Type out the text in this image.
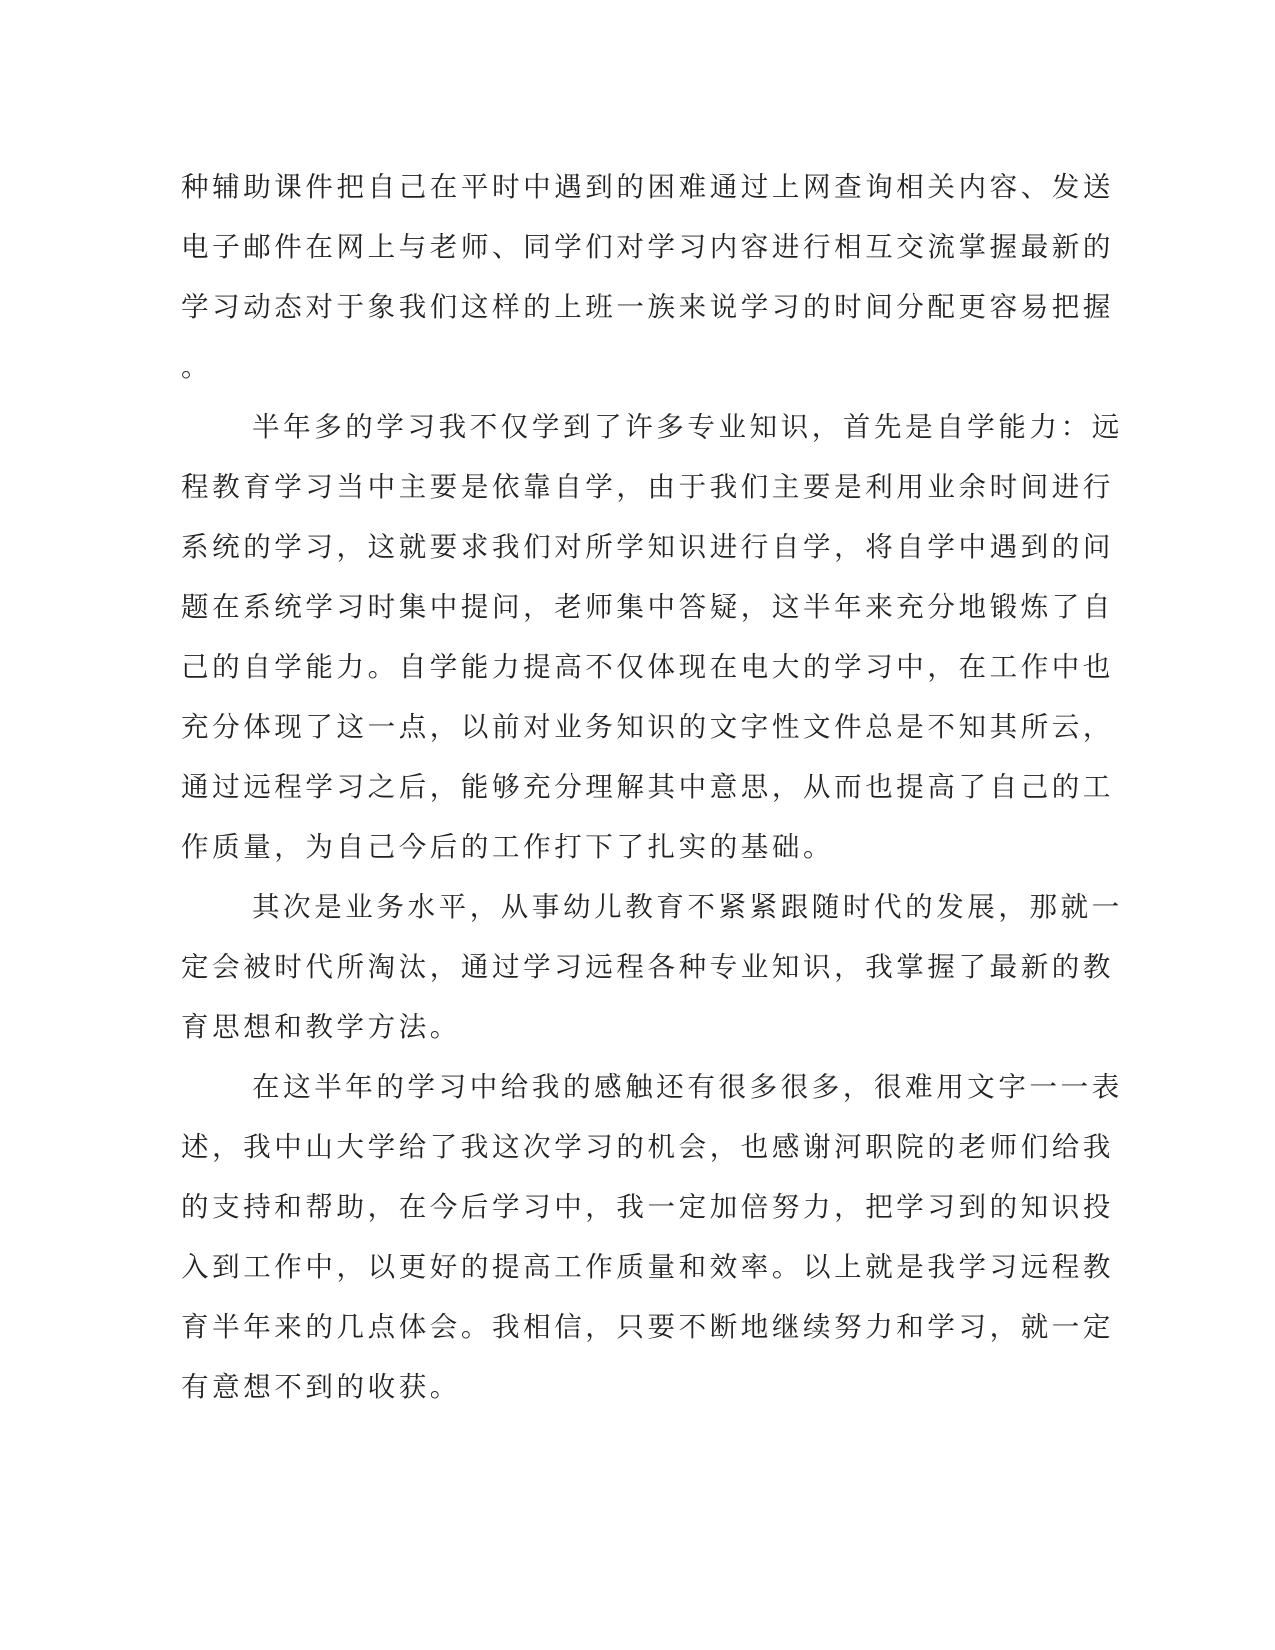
种辅助课件把自己在平时中遇到的困难通过上网查询相关内容、发送
电子邮件在网上与老师、同学们对学习内容进行相互交流掌握最新的
学习动态对于象我们这样的上班一族来说学习的时间分配更容易把握
。
半年多的学习我不仅学到了许多专业知识，首先是自学能力：远
程教育学习当中主要是依靠自学，由于我们主要是利用业余时间进行
系统的学习，这就要求我们对所学知识进行自学，将自学中遇到的问
题在系统学习时集中提问，老师集中答疑，这半年来充分地锻炼了自
己的自学能力。自学能力提高不仅体现在电大的学习中，在工作中也
充分体现了这一点，以前对业务知识的文字性文件总是不知其所云，
通过远程学习之后，能够充分理解其中意思，从而也提高了自己的工
作质量，为自己今后的工作打下了扎实的基础。
其次是业务水平，从事幼儿教育不紧紧跟随时代的发展，那就一
定会被时代所淘汰，通过学习远程各种专业知识，我掌握了最新的教
育思想和教学方法。
在这半年的学习中给我的感触还有很多很多，很难用文字一一表
述，我中山大学给了我这次学习的机会，也感谢河职院的老师们给我
的支持和帮助，在今后学习中，我一定加倍努力，把学习到的知识投
入到工作中，以更好的提高工作质量和效率。以上就是我学习远程教
育半年来的几点体会。我相信，只要不断地继续努力和学习，就一定
有意想不到的收获。
